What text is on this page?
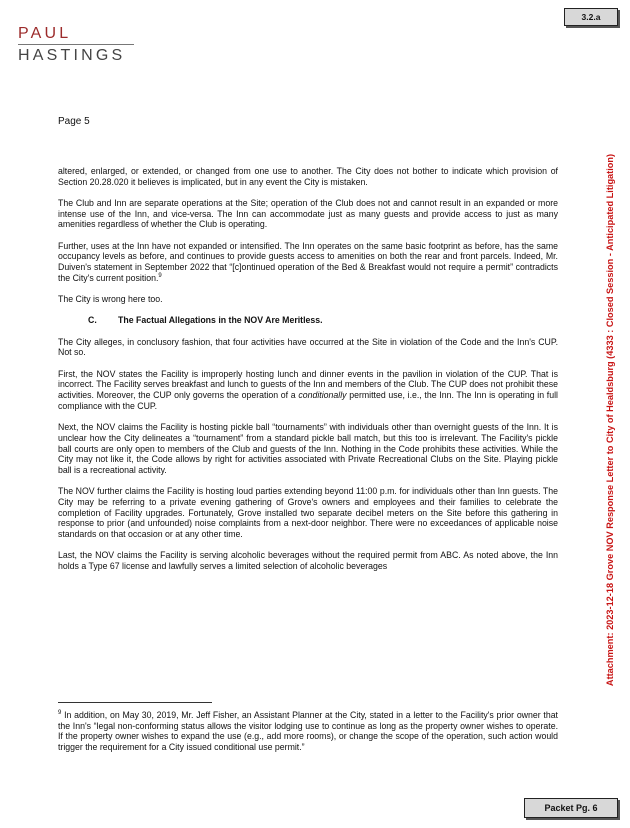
3.2.a
PAUL
HASTINGS
Page 5

altered, enlarged, or extended, or changed from one use to another. The City does not bother to indicate which provision of Section 20.28.020 it believes is implicated, but in any event the City is mistaken.

The Club and Inn are separate operations at the Site; operation of the Club does not and cannot result in an expanded or more intense use of the Inn, and vice-versa. The Inn can accommodate just as many guests and provide access to just as many amenities regardless of whether the Club is operating.

Further, uses at the Inn have not expanded or intensified. The Inn operates on the same basic footprint as before, has the same occupancy levels as before, and continues to provide guests access to amenities on both the rear and front parcels. Indeed, Mr. Duiven's statement in September 2022 that “[c]ontinued operation of the Bed & Breakfast would not require a permit” contradicts the City's current position.$^9$

The City is wrong here too.

C. The Factual Allegations in the NOV Are Meritless.

The City alleges, in conclusory fashion, that four activities have occurred at the Site in violation of the Code and the Inn's CUP. Not so.

First, the NOV states the Facility is improperly hosting lunch and dinner events in the pavilion in violation of the CUP. That is incorrect. The Facility serves breakfast and lunch to guests of the Inn and members of the Club. The CUP does not prohibit these activities. Moreover, the CUP only governs the operation of a conditionally permitted use, i.e., the Inn. The Inn is operating in full compliance with the CUP.

Next, the NOV claims the Facility is hosting pickle ball “tournaments” with individuals other than overnight guests of the Inn. It is unclear how the City delineates a “tournament” from a standard pickle ball match, but this too is irrelevant. The Facility's pickle ball courts are only open to members of the Club and guests of the Inn. Nothing in the Code prohibits these activities. While the City may not like it, the Code allows by right for activities associated with Private Recreational Clubs on the Site. Playing pickle ball is a recreational activity.

The NOV further claims the Facility is hosting loud parties extending beyond 11:00 p.m. for individuals other than Inn guests. The City may be referring to a private evening gathering of Grove's owners and employees and their families to celebrate the completion of Facility upgrades. Fortunately, Grove installed two separate decibel meters on the Site before this gathering in response to prior (and unfounded) noise complaints from a next-door neighbor. There were no exceedances of applicable noise standards on that occasion or at any other time.

Last, the NOV claims the Facility is serving alcoholic beverages without the required permit from ABC. As noted above, the Inn holds a Type 67 license and lawfully serves a limited selection of alcoholic beverages

$^9$ In addition, on May 30, 2019, Mr. Jeff Fisher, an Assistant Planner at the City, stated in a letter to the Facility's prior owner that the Inn's “legal non-conforming status allows the visitor lodging use to continue as long as the property owner wishes to operate. If the property owner wishes to expand the use (e.g., add more rooms), or change the scope of the operation, such action would trigger the requirement for a City issued conditional use permit.”

Attachment: 2023-12-18 Grove NOV Response Letter to City of Healdsburg (4333 : Closed Session - Anticipated Litigation)
Packet Pg. 6
